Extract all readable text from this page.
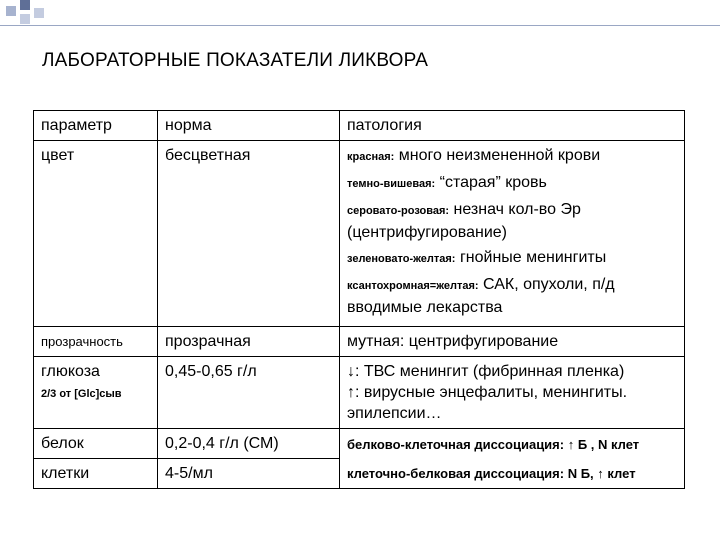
ЛАБОРАТОРНЫЕ ПОКАЗАТЕЛИ ЛИКВОРА
параметр	норма	патология
цвет	бесцветная	красная: много неизмененной крови
темно-вишевая: “старая” кровь
серовато-розовая: незнач кол-во Эр (центрифугирование)
зеленовато-желтая: гнойные менингиты
ксантохромная=желтая: САК, опухоли, п/д вводимые лекарства

прозрачность	прозрачная	мутная: центрифугирование
глюкоза
2/3 от [Glc]сыв	0,45-0,65 г/л	↓: ТВС менингит (фибринная пленка)
↑: вирусные энцефалиты, менингиты. эпилепсии…

белок	0,2-0,4 г/л (СМ)	белково-клеточная диссоциация: ↑ Б , N клет
клеточно-белковая диссоциация: N Б, ↑ клет

клетки	4-5/мл	
